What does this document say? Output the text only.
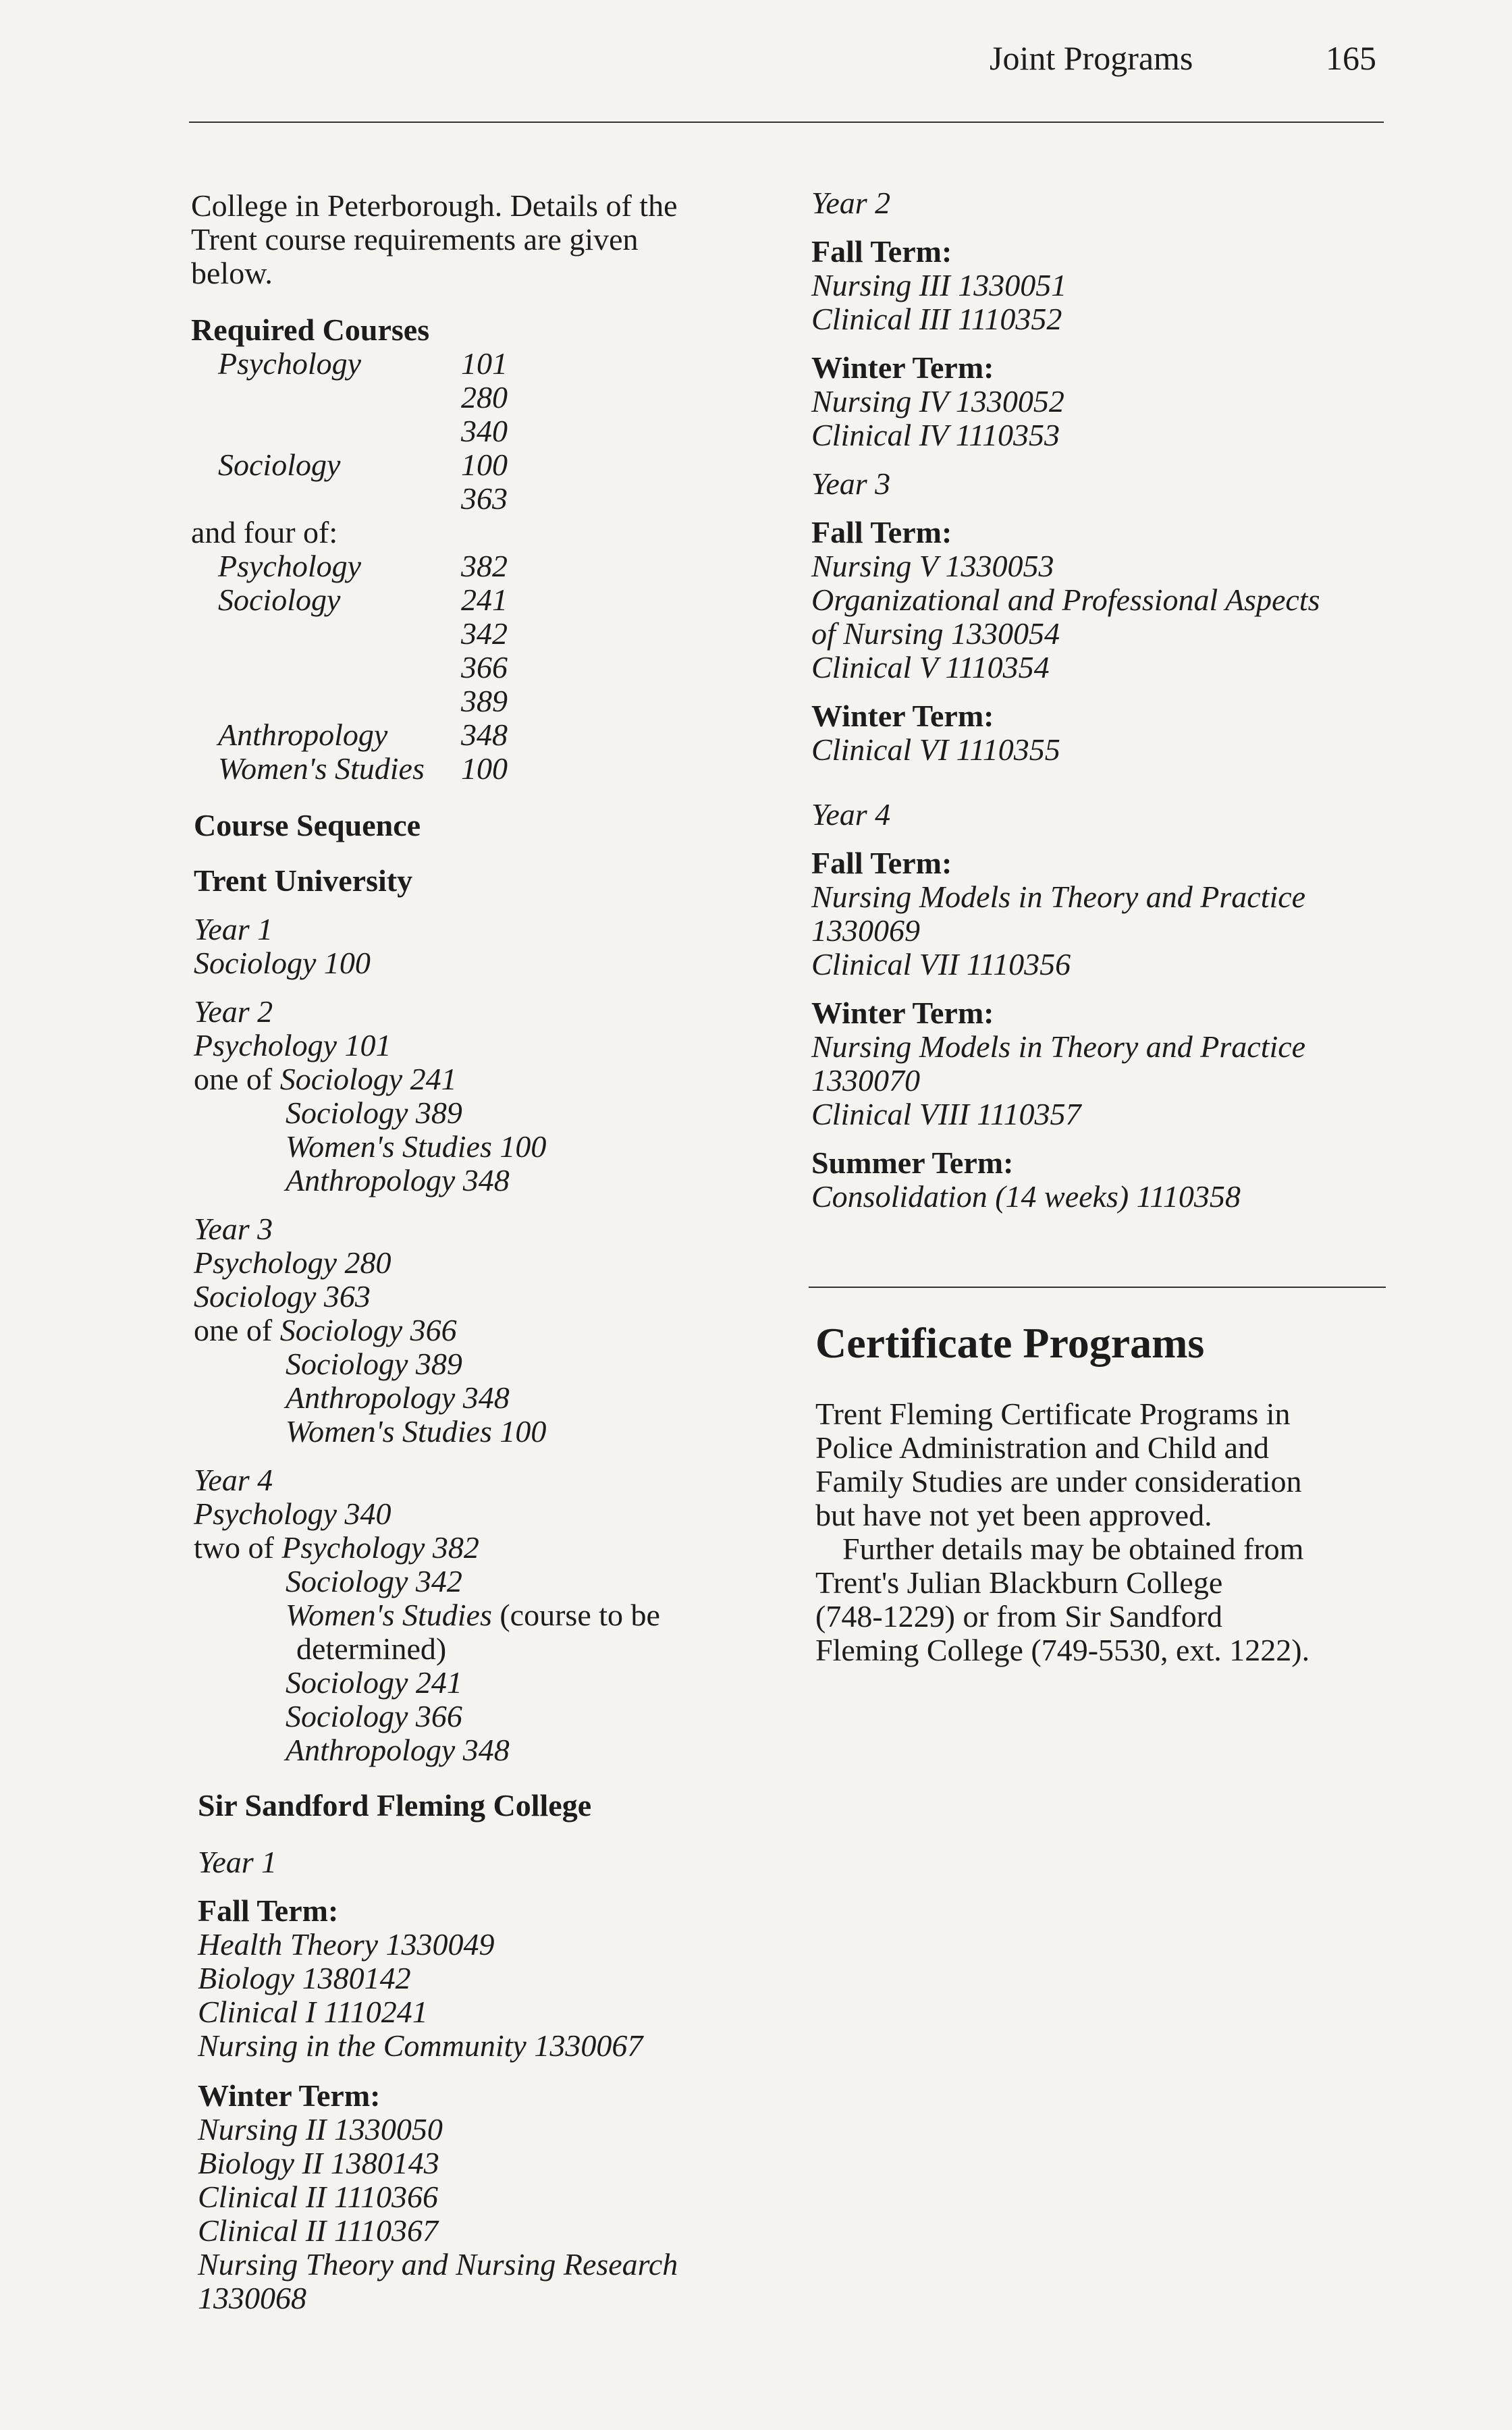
Joint Programs	165
College in Peterborough. Details of the
Trent course requirements are given
below.
Required Courses
Psychology	101
280
340
Sociology	100
363
and four of:
Psychology	382
Sociology	241
342
366
389
Anthropology 348
Women's Studies 100
Course Sequence
Trent University
Year 1
Sociology 100
Year 2
Psychology 101
one of Sociology 241
Sociology 389
Women's Studies 100
Anthropology 348
Year 3
Psychology 280
Sociology 363
one of Sociology 366
Sociology 389
Anthropology 348
Women's Studies 100
Year 4
Psychology 340
two of Psychology 382
Sociology 342
Women's Studies (course to be
determined)
Sociology 241
Sociology 366
Anthropology 348
Sir Sandford Fleming College
Year 1
Fall Term:
Health Theory 1330049
Biology 1380142
Clinical I 1110241
Nursing in the Community 1330067
Winter Term:
Nursing II 1330050
Biology II 1380143
Clinical II 1110366
Clinical II 1110367
Nursing Theory and Nursing Research
1330068
Year 2
Fall Term:
Nursing III 1330051
Clinical III 1110352
Winter Term:
Nursing IV 1330052
Clinical IV 1110353
Year 3
Fall Term:
Nursing V 1330053
Organizational and Professional Aspects
of Nursing 1330054
Clinical V 1110354
Winter Term:
Clinical VI 1110355
Year 4
Fall Term:
Nursing Models in Theory and Practice
1330069
Clinical VII 1110356
Winter Term:
Nursing Models in Theory and Practice
1330070
Clinical VIII 1110357
Summer Term:
Consolidation (14 weeks) 1110358
Certificate Programs
Trent Fleming Certificate Programs in
Police Administration and Child and
Family Studies are under consideration
but have not yet been approved.
Further details may be obtained from
Trent's Julian Blackburn College
(748-1229) or from Sir Sandford
Fleming College (749-5530, ext. 1222).
